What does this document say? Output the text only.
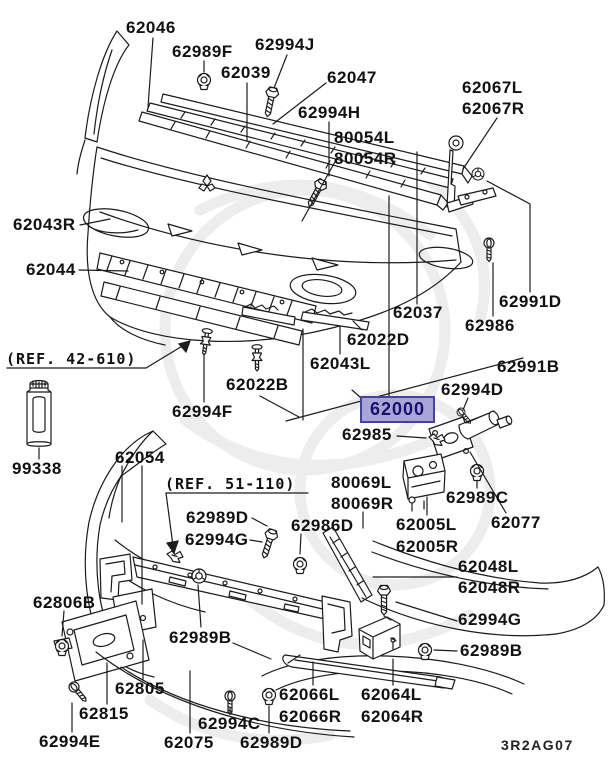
62046
62989F 62994J
62039	62047
62994H
80054L
80054R
62067L
62067R
62043R
62044
(REF. 42-610)
62022B
62037
62986
62991D
62022D
62043L	62991B
62994D
62000
62985
62994F
99338
62054
(REF. 51-110)
62989D
62994G
62986D
80069L
80069R	62989C
62077
62005L
62005R
62048L
62048R
62994G
62989B
62806B
62989B
62805
62815
62994E	62075
62994C
62989D
62066L
62066R
62064L
62064R
3R2AG07
